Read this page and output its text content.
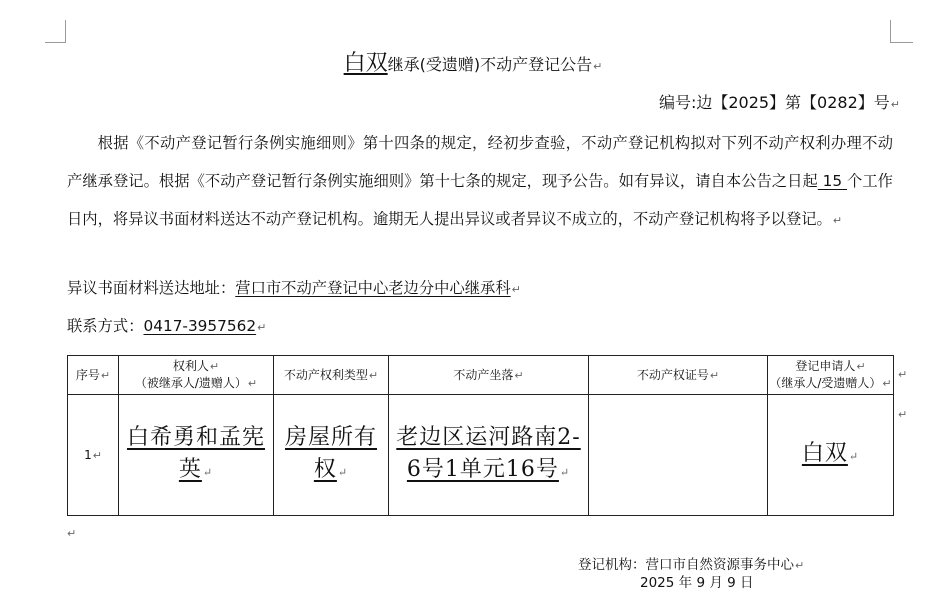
白双继承(受遗赠)不动产登记公告↵
编号:边【2025】第【0282】号↵
根据《不动产登记暂行条例实施细则》第十四条的规定，经初步查验，不动产登记机构拟对下列不动产权利办理不动产继承登记。根据《不动产登记暂行条例实施细则》第十七条的规定，现予公告。如有异议，请自本公告之日起 15 个工作日内，将异议书面材料送达不动产登记机构。逾期无人提出异议或者异议不成立的，不动产登记机构将予以登记。↵
异议书面材料送达地址：营口市不动产登记中心老边分中心继承科↵
联系方式：0417-3957562↵
序号↵	权利人↵
（被继承人/遗赠人）↵	不动产权利类型↵	不动产坐落↵	不动产权证号↵	登记申请人↵
（继承人/受遗赠人）↵
1↵	白希勇和孟宪英↵	房屋所有权↵	老边区运河路南2-6号1单元16号↵		白双↵
↵
↵
↵
登记机构：营口市自然资源事务中心↵
2025 年 9 月 9 日
